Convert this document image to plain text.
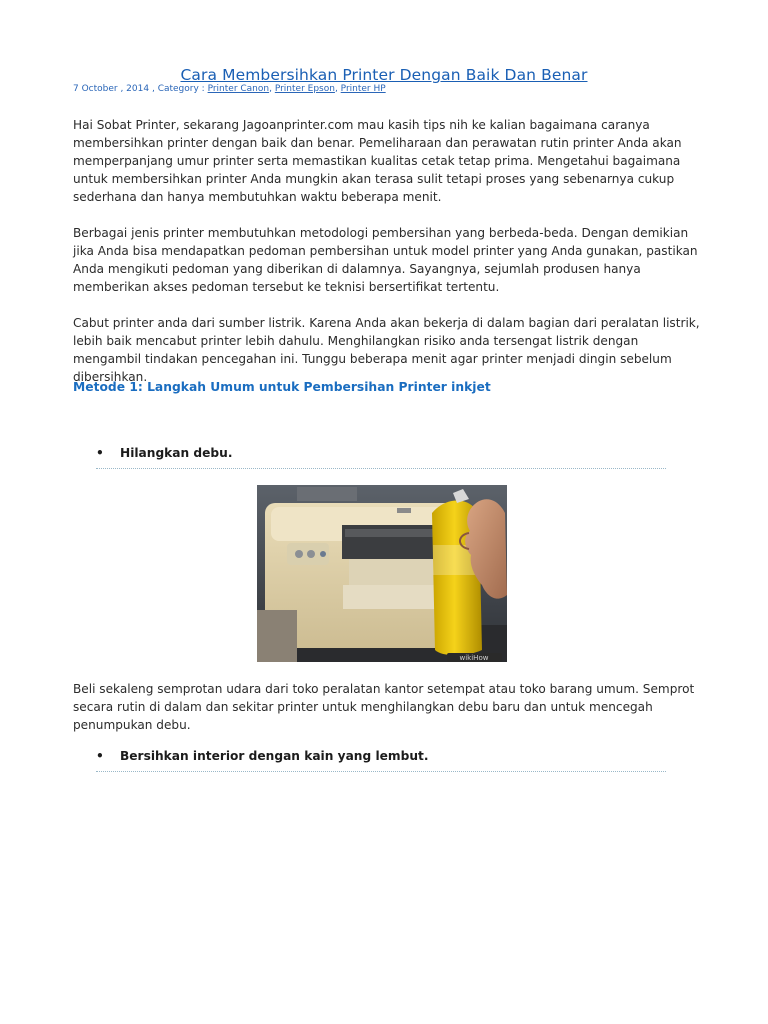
Cara Membersihkan Printer Dengan Baik Dan Benar
7 October , 2014 , Category : Printer Canon, Printer Epson, Printer HP

Hai Sobat Printer, sekarang Jagoanprinter.com mau kasih tips nih ke kalian bagaimana caranya membersihkan printer dengan baik dan benar. Pemeliharaan dan perawatan rutin printer Anda akan memperpanjang umur printer serta memastikan kualitas cetak tetap prima. Mengetahui bagaimana untuk membersihkan printer Anda mungkin akan terasa sulit tetapi proses yang sebenarnya cukup sederhana dan hanya membutuhkan waktu beberapa menit.

Berbagai jenis printer membutuhkan metodologi pembersihan yang berbeda-beda. Dengan demikian jika Anda bisa mendapatkan pedoman pembersihan untuk model printer yang Anda gunakan, pastikan Anda mengikuti pedoman yang diberikan di dalamnya. Sayangnya, sejumlah produsen hanya memberikan akses pedoman tersebut ke teknisi bersertifikat tertentu.

Cabut printer anda dari sumber listrik. Karena Anda akan bekerja di dalam bagian dari peralatan listrik, lebih baik mencabut printer lebih dahulu. Menghilangkan risiko anda tersengat listrik dengan mengambil tindakan pencegahan ini. Tunggu beberapa menit agar printer menjadi dingin sebelum dibersihkan.

Metode 1: Langkah Umum untuk Pembersihan Printer inkjet
• Hilangkan debu.
wikiHow

Beli sekaleng semprotan udara dari toko peralatan kantor setempat atau toko barang umum. Semprot secara rutin di dalam dan sekitar printer untuk menghilangkan debu baru dan untuk mencegah penumpukan debu.

• Bersihkan interior dengan kain yang lembut.
